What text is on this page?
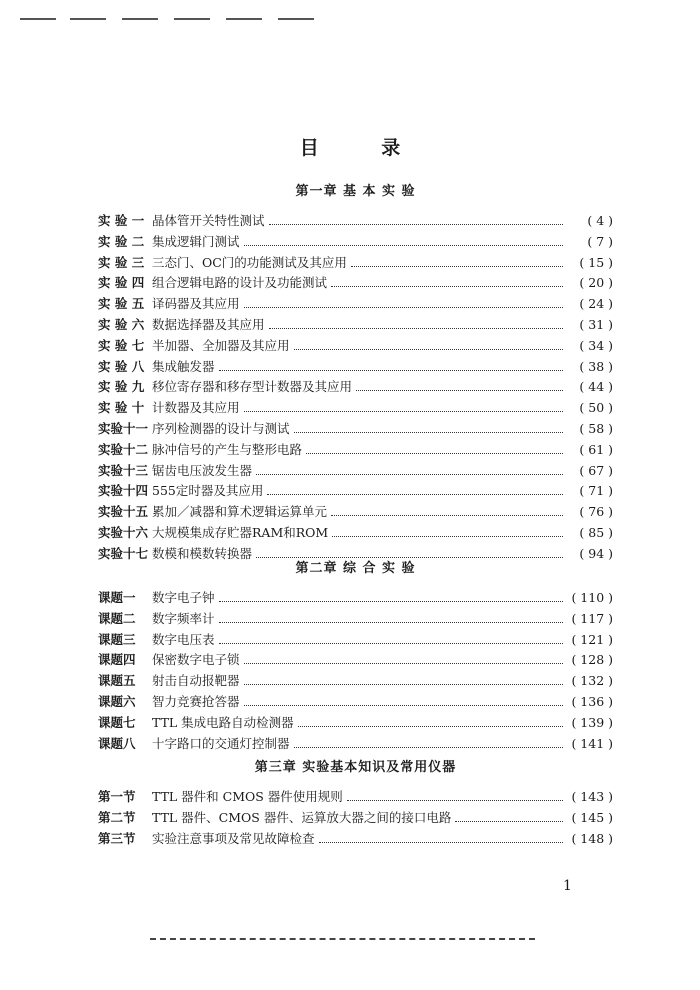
目 录
第一章 基 本 实 验
实 验 一 晶体管开关特性测试	( 4 )
实 验 二 集成逻辑门测试	( 7 )
实 验 三 三态门、OC门的功能测试及其应用	( 15 )
实 验 四 组合逻辑电路的设计及功能测试	( 20 )
实 验 五 译码器及其应用	( 24 )
实 验 六 数据选择器及其应用	( 31 )
实 验 七 半加器、全加器及其应用	( 34 )
实 验 八 集成触发器	( 38 )
实 验 九 移位寄存器和移存型计数器及其应用	( 44 )
实 验 十 计数器及其应用	( 50 )
实验十一 序列检测器的设计与测试	( 58 )
实验十二 脉冲信号的产生与整形电路	( 61 )
实验十三 锯齿电压波发生器	( 67 )
实验十四 555定时器及其应用	( 71 )
实验十五 累加／减器和算术逻辑运算单元	( 76 )
实验十六 大规模集成存贮器RAM和ROM	( 85 )
实验十七 数模和模数转换器	( 94 )
第二章 综 合 实 验
课题一	数字电子钟	( 110 )
课题二	数字频率计	( 117 )
课题三	数字电压表	( 121 )
课题四	保密数字电子锁	( 128 )
课题五	射击自动报靶器	( 132 )
课题六	智力竞赛抢答器	( 136 )
课题七	TTL 集成电路自动检测器	( 139 )
课题八	十字路口的交通灯控制器	( 141 )
第三章 实验基本知识及常用仪器
第一节	TTL 器件和 CMOS 器件使用规则	( 143 )
第二节	TTL 器件、CMOS 器件、运算放大器之间的接口电路	( 145 )
第三节	实验注意事项及常见故障检查	( 148 )
1
